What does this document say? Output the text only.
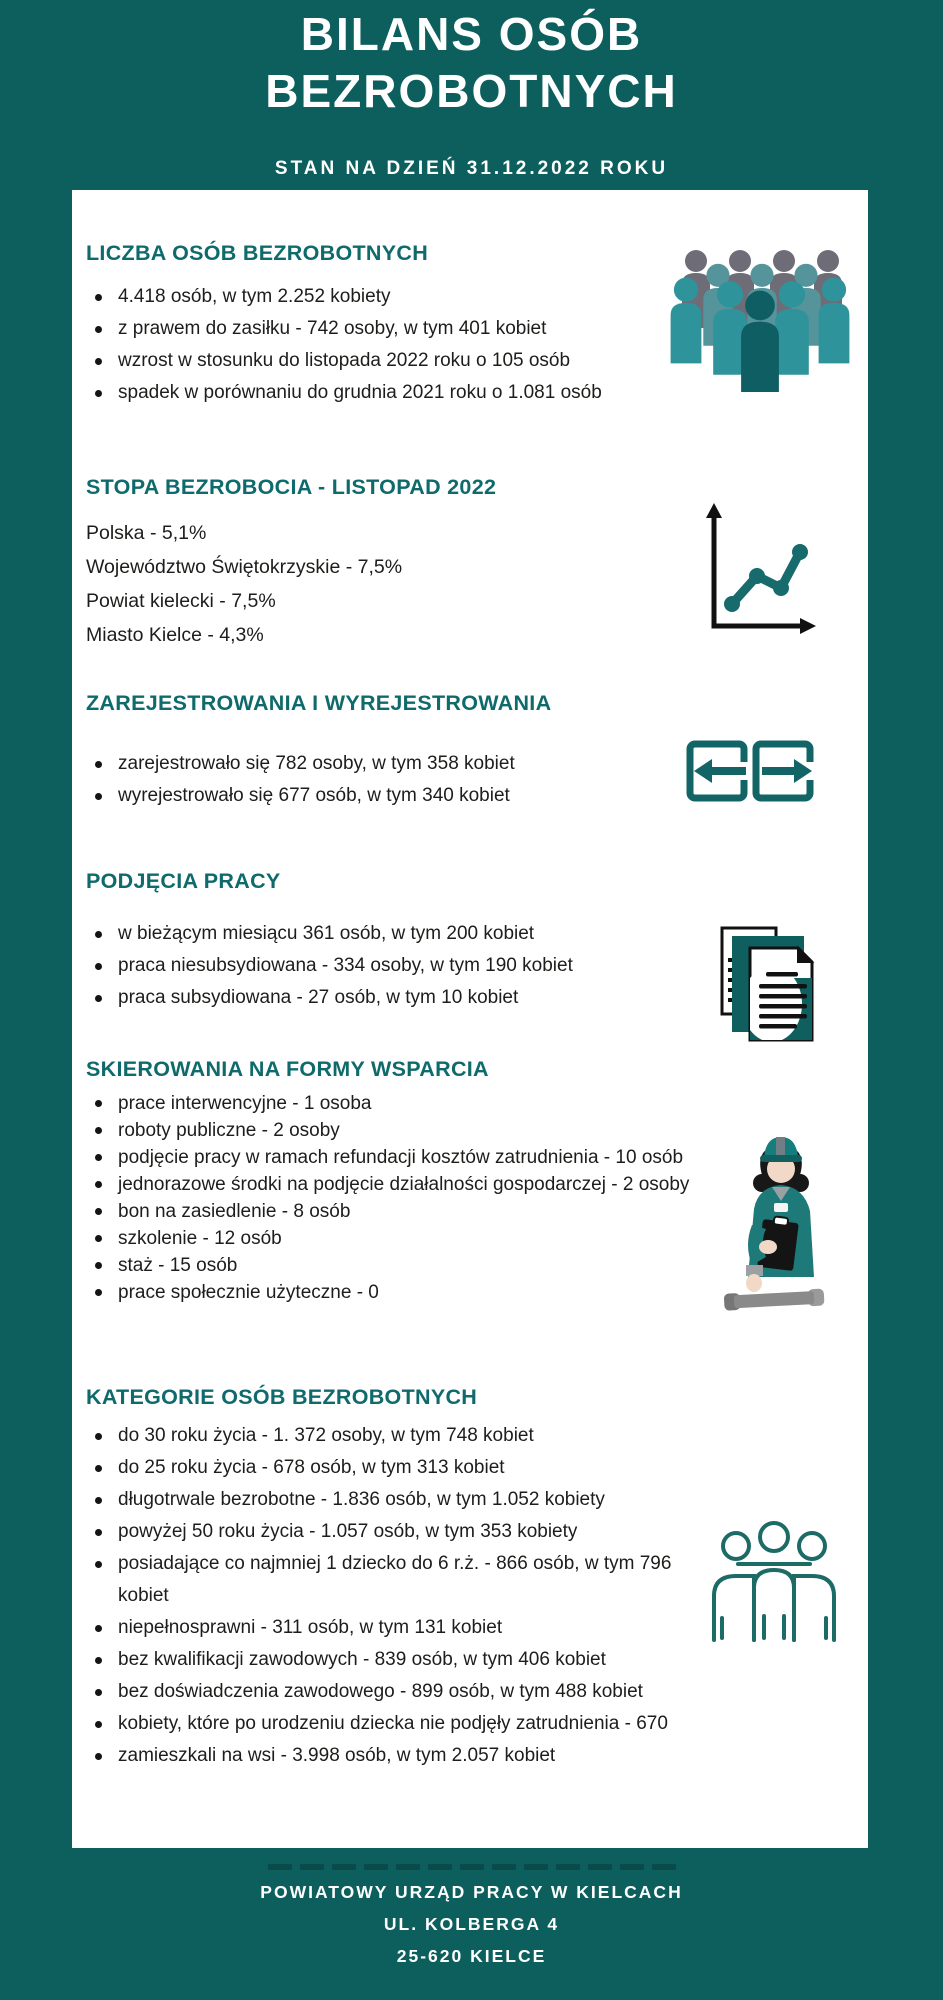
BILANS OSÓB
BEZROBOTNYCH
STAN NA DZIEŃ 31.12.2022 ROKU
LICZBA OSÓB BEZROBOTNYCH
4.418 osób, w tym 2.252 kobiety
z prawem do zasiłku - 742 osoby, w tym 401 kobiet
wzrost w stosunku do listopada 2022 roku o 105 osób
spadek w porównaniu do grudnia 2021 roku o 1.081 osób
STOPA BEZROBOCIA - LISTOPAD 2022
Polska - 5,1%
Województwo Świętokrzyskie - 7,5%
Powiat kielecki - 7,5%
Miasto Kielce - 4,3%
ZAREJESTROWANIA I WYREJESTROWANIA
zarejestrowało się 782 osoby, w tym 358 kobiet
wyrejestrowało się 677 osób, w tym 340 kobiet
PODJĘCIA PRACY
w bieżącym miesiącu 361 osób, w tym 200 kobiet
praca niesubsydiowana - 334 osoby, w tym 190 kobiet
praca subsydiowana - 27 osób, w tym 10 kobiet
SKIEROWANIA NA FORMY WSPARCIA
prace interwencyjne - 1 osoba
roboty publiczne - 2 osoby
podjęcie pracy w ramach refundacji kosztów zatrudnienia - 10 osób
jednorazowe środki na podjęcie działalności gospodarczej - 2 osoby
bon na zasiedlenie - 8 osób
szkolenie - 12 osób
staż - 15 osób
prace społecznie użyteczne - 0
KATEGORIE OSÓB BEZROBOTNYCH
do 30 roku życia - 1. 372 osoby, w tym 748 kobiet
do 25 roku życia - 678 osób, w tym 313 kobiet
długotrwale bezrobotne - 1.836 osób, w tym 1.052 kobiety
powyżej 50 roku życia - 1.057 osób, w tym 353 kobiety
posiadające co najmniej 1 dziecko do 6 r.ż. - 866 osób, w tym 796 kobiet
niepełnosprawni - 311 osób, w tym 131 kobiet
bez kwalifikacji zawodowych - 839 osób, w tym 406 kobiet
bez doświadczenia zawodowego - 899 osób, w tym 488 kobiet
kobiety, które po urodzeniu dziecka nie podjęły zatrudnienia - 670
zamieszkali na wsi - 3.998 osób, w tym 2.057 kobiet
POWIATOWY URZĄD PRACY W KIELCACH
UL. KOLBERGA 4
25-620 KIELCE
